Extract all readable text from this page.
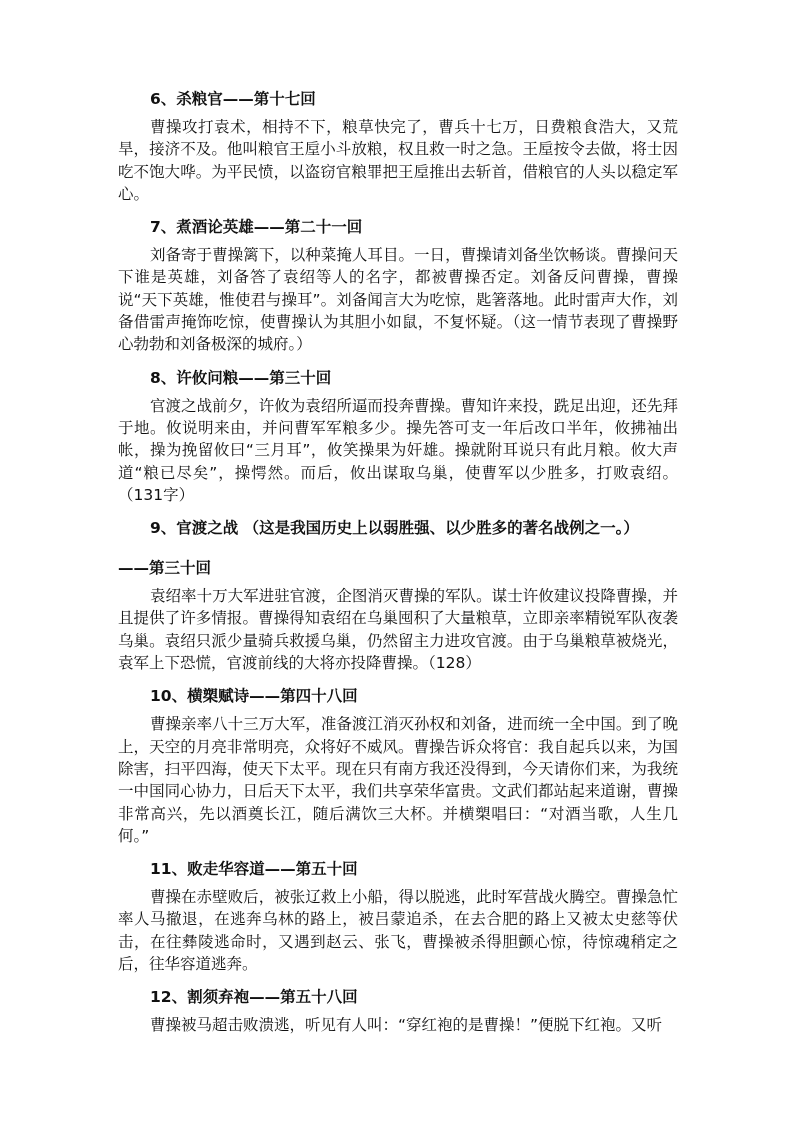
6、杀粮官——第十七回

曹操攻打袁术，相持不下，粮草快完了，曹兵十七万，日费粮食浩大，又荒旱，接济不及。他叫粮官王垕小斗放粮，权且救一时之急。王垕按令去做，将士因吃不饱大哗。为平民愤，以盗窃官粮罪把王垕推出去斩首，借粮官的人头以稳定军心。

7、煮酒论英雄——第二十一回

刘备寄于曹操篱下，以种菜掩人耳目。一日，曹操请刘备坐饮畅谈。曹操问天下谁是英雄，刘备答了袁绍等人的名字，都被曹操否定。刘备反问曹操，曹操说“天下英雄，惟使君与操耳”。刘备闻言大为吃惊，匙箸落地。此时雷声大作，刘备借雷声掩饰吃惊，使曹操认为其胆小如鼠，不复怀疑。（这一情节表现了曹操野心勃勃和刘备极深的城府。）

8、许攸问粮——第三十回

官渡之战前夕，许攸为袁绍所逼而投奔曹操。曹知许来投，跣足出迎，还先拜于地。攸说明来由，并问曹军军粮多少。操先答可支一年后改口半年，攸拂袖出帐，操为挽留攸曰“三月耳”，攸笑操果为奸雄。操就附耳说只有此月粮。攸大声道“粮已尽矣”，操愕然。而后，攸出谋取乌巢，使曹军以少胜多，打败袁绍。（131字）

9、官渡之战 （这是我国历史上以弱胜强、以少胜多的著名战例之一。）
——第三十回

袁绍率十万大军进驻官渡，企图消灭曹操的军队。谋士许攸建议投降曹操，并且提供了许多情报。曹操得知袁绍在乌巢囤积了大量粮草，立即亲率精锐军队夜袭乌巢。袁绍只派少量骑兵救援乌巢，仍然留主力进攻官渡。由于乌巢粮草被烧光，袁军上下恐慌，官渡前线的大将亦投降曹操。（128）

10、横槊赋诗——第四十八回

曹操亲率八十三万大军，准备渡江消灭孙权和刘备，进而统一全中国。到了晚上，天空的月亮非常明亮，众将好不威风。曹操告诉众将官：我自起兵以来，为国除害，扫平四海，使天下太平。现在只有南方我还没得到，今天请你们来，为我统一中国同心协力，日后天下太平，我们共享荣华富贵。文武们都站起来道谢，曹操非常高兴，先以酒奠长江，随后满饮三大杯。并横槊唱曰：“对酒当歌，人生几何。”

11、败走华容道——第五十回

曹操在赤壁败后，被张辽救上小船，得以脱逃，此时军营战火腾空。曹操急忙率人马撤退，在逃奔乌林的路上，被吕蒙追杀，在去合肥的路上又被太史慈等伏击，在往彝陵逃命时，又遇到赵云、张飞，曹操被杀得胆颤心惊，待惊魂稍定之后，往华容道逃奔。

12、割须弃袍——第五十八回

曹操被马超击败溃逃，听见有人叫：“穿红袍的是曹操！”便脱下红袍。又听
